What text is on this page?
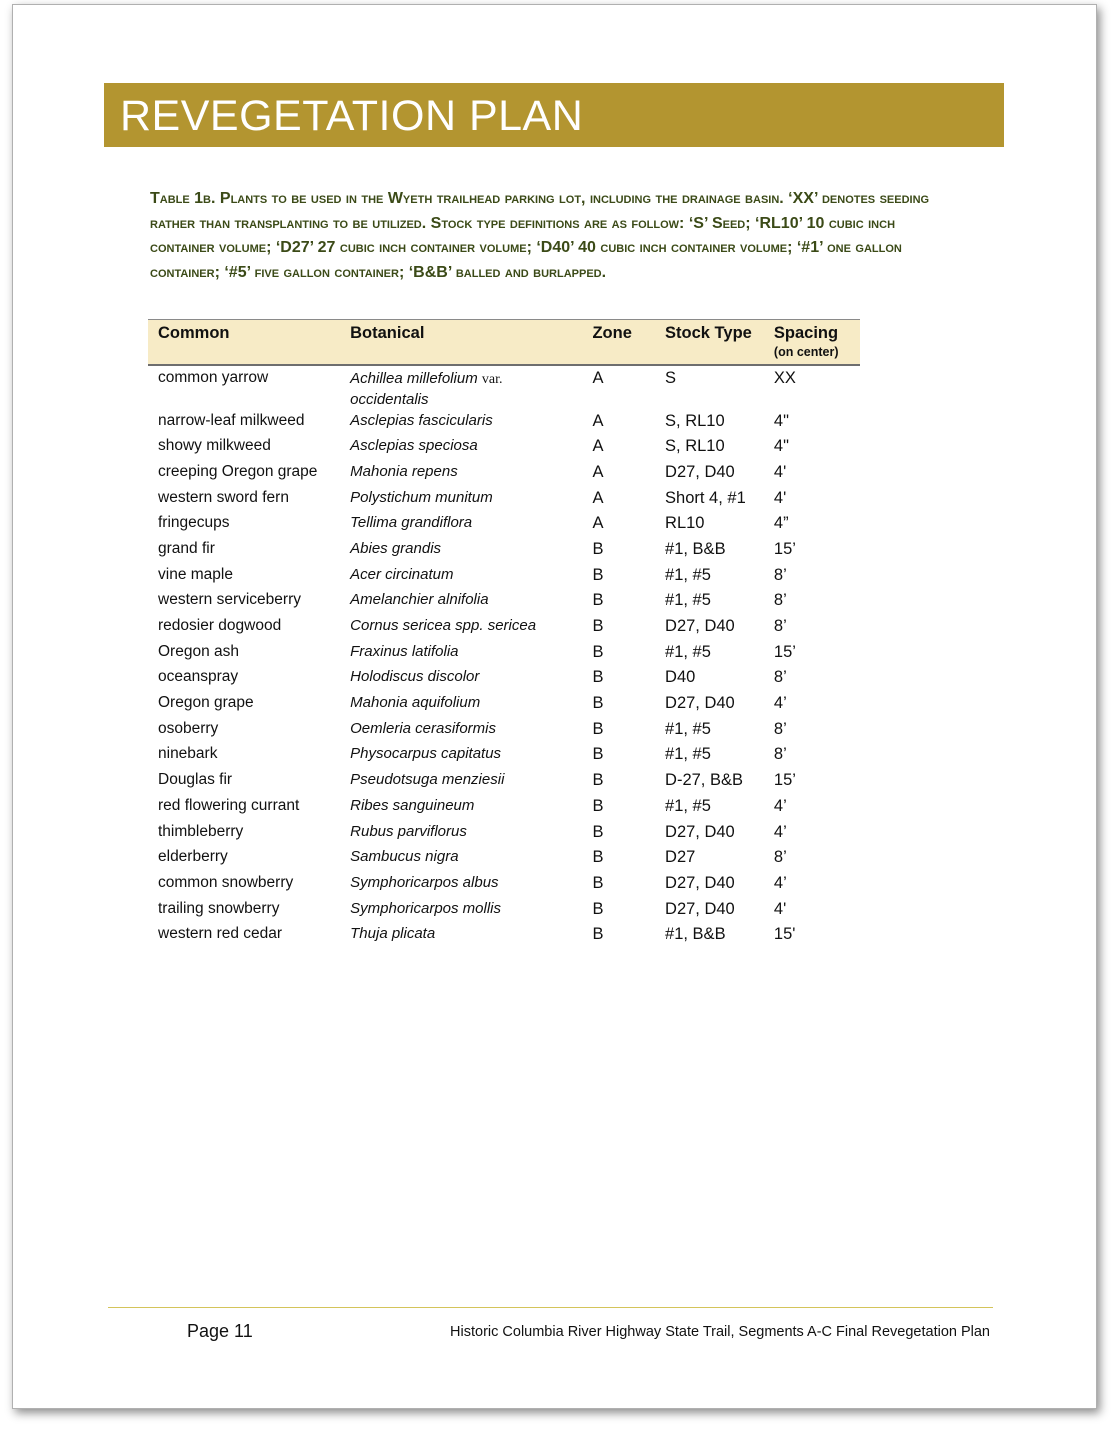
REVEGETATION PLAN
Table 1b. Plants to be used in the Wyeth trailhead parking lot, including the drainage basin. ‘XX’ denotes seeding rather than transplanting to be utilized. Stock type definitions are as follow: ‘S’ Seed; ‘RL10’ 10 cubic inch container volume; ‘D27’ 27 cubic inch container volume; ‘D40’ 40 cubic inch container volume; ‘#1’ one gallon container; ‘#5’ five gallon container; ‘B&B’ balled and burlapped.
Common	Botanical	Zone	Stock Type	Spacing
(on center)

common yarrow	Achillea millefolium var.
occidentalis	A	S	XX
narrow-leaf milkweed	Asclepias fascicularis	A	S, RL10	4"
showy milkweed	Asclepias speciosa	A	S, RL10	4"
creeping Oregon grape	Mahonia repens	A	D27, D40	4'
western sword fern	Polystichum munitum	A	Short 4, #1	4'
fringecups	Tellima grandiflora	A	RL10	4”
grand fir	Abies grandis	B	#1, B&B	15’
vine maple	Acer circinatum	B	#1, #5	8’
western serviceberry	Amelanchier alnifolia	B	#1, #5	8’
redosier dogwood	Cornus sericea spp. sericea	B	D27, D40	8’
Oregon ash	Fraxinus latifolia	B	#1, #5	15’
oceanspray	Holodiscus discolor	B	D40	8’
Oregon grape	Mahonia aquifolium	B	D27, D40	4’
osoberry	Oemleria cerasiformis	B	#1, #5	8’
ninebark	Physocarpus capitatus	B	#1, #5	8’
Douglas fir	Pseudotsuga menziesii	B	D-27, B&B	15’
red flowering currant	Ribes sanguineum	B	#1, #5	4’
thimbleberry	Rubus parviflorus	B	D27, D40	4’
elderberry	Sambucus nigra	B	D27	8’
common snowberry	Symphoricarpos albus	B	D27, D40	4’
trailing snowberry	Symphoricarpos mollis	B	D27, D40	4'
western red cedar	Thuja plicata	B	#1, B&B	15'
Page 11	Historic Columbia River Highway State Trail, Segments A-C Final Revegetation Plan
